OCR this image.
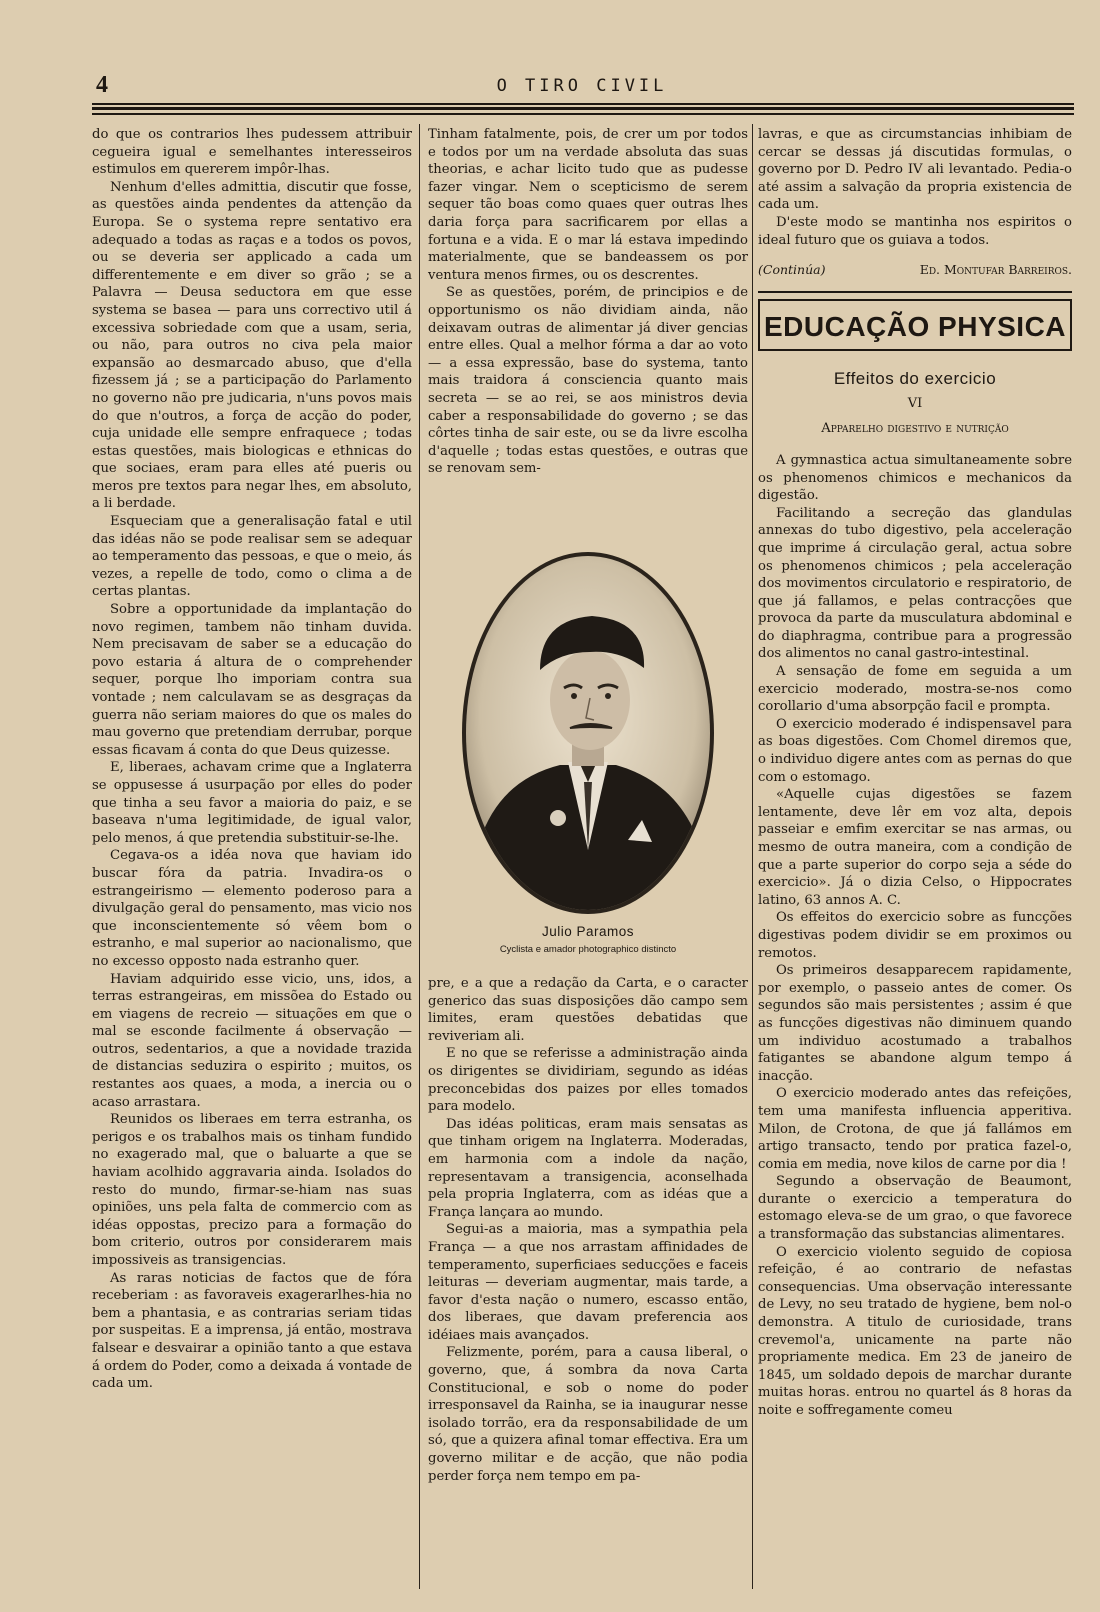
4	O TIRO CIVIL

do que os contrarios lhes pudessem attribuir cegueira igual e semelhantes interesseiros estimulos em quererem impôr-lhas.

Nenhum d'elles admittia, discutir que fosse, as questões ainda pendentes da attenção da Europa. Se o systema repre sentativo era adequado a todas as raças e a todos os povos, ou se deveria ser applicado a cada um differentemente e em diver so grão ; se a Palavra — Deusa seductora em que esse systema se basea — para uns correctivo util á excessiva sobriedade com que a usam, seria, ou não, para outros no civa pela maior expansão ao desmarcado abuso, que d'ella fizessem já ; se a participação do Parlamento no governo não pre judicaria, n'uns povos mais do que n'outros, a força de acção do poder, cuja unidade elle sempre enfraquece ; todas estas questões, mais biologicas e ethnicas do que sociaes, eram para elles até pueris ou meros pre textos para negar lhes, em absoluto, a li berdade.

Esqueciam que a generalisação fatal e util das idéas não se pode realisar sem se adequar ao temperamento das pessoas, e que o meio, ás vezes, a repelle de todo, como o clima a de certas plantas.

Sobre a opportunidade da implantação do novo regimen, tambem não tinham duvida. Nem precisavam de saber se a educação do povo estaria á altura de o comprehender sequer, porque lho imporiam contra sua vontade ; nem calculavam se as desgraças da guerra não seriam maiores do que os males do mau governo que pretendiam derrubar, porque essas ficavam á conta do que Deus quizesse.

E, liberaes, achavam crime que a Inglaterra se oppusesse á usurpação por elles do poder que tinha a seu favor a maioria do paiz, e se baseava n'uma legitimidade, de igual valor, pelo menos, á que pretendia substituir-se-lhe.

Cegava-os a idéa nova que haviam ido buscar fóra da patria. Invadira-os o estrangeirismo — elemento poderoso para a divulgação geral do pensamento, mas vicio nos que inconscientemente só vêem bom o estranho, e mal superior ao nacionalismo, que no excesso opposto nada estranho quer.

Haviam adquirido esse vicio, uns, idos, a terras estrangeiras, em missõea do Estado ou em viagens de recreio — situações em que o mal se esconde facilmente á observação — outros, sedentarios, a que a novidade trazida de distancias seduzira o espirito ; muitos, os restantes aos quaes, a moda, a inercia ou o acaso arrastara.

Reunidos os liberaes em terra estranha, os perigos e os trabalhos mais os tinham fundido no exagerado mal, que o baluarte a que se haviam acolhido aggravaria ainda. Isolados do resto do mundo, firmar-se-hiam nas suas opiniões, uns pela falta de commercio com as idéas oppostas, precizo para a formação do bom criterio, outros por considerarem mais impossiveis as transigencias.

As raras noticias de factos que de fóra receberiam : as favoraveis exagerarlhes-hia no bem a phantasia, e as contrarias seriam tidas por suspeitas. E a imprensa, já então, mostrava falsear e desvairar a opinião tanto a que estava á ordem do Poder, como a deixada á vontade de cada um.

Tinham fatalmente, pois, de crer um por todos e todos por um na verdade absoluta das suas theorias, e achar licito tudo que as pudesse fazer vingar. Nem o scepticismo de serem sequer tão boas como quaes quer outras lhes daria força para sacrificarem por ellas a fortuna e a vida. E o mar lá estava impedindo materialmente, que se bandeassem os por ventura menos firmes, ou os descrentes.

Se as questões, porém, de principios e de opportunismo os não dividiam ainda, não deixavam outras de alimentar já diver gencias entre elles. Qual a melhor fórma a dar ao voto — a essa expressão, base do systema, tanto mais traidora á consciencia quanto mais secreta — se ao rei, se aos ministros devia caber a responsabilidade do governo ; se das côrtes tinha de sair este, ou se da livre escolha d'aquelle ; todas estas questões, e outras que se renovam sem-

Julio Paramos
Cyclista e amador photographico distincto

pre, e a que a redação da Carta, e o caracter generico das suas disposições dão campo sem limites, eram questões debatidas que reviveriam ali.

E no que se referisse a administração ainda os dirigentes se dividiriam, segundo as idéas preconcebidas dos paizes por elles tomados para modelo.

Das idéas politicas, eram mais sensatas as que tinham origem na Inglaterra. Moderadas, em harmonia com a indole da nação, representavam a transigencia, aconselhada pela propria Inglaterra, com as idéas que a França lançara ao mundo.

Segui-as a maioria, mas a sympathia pela França — a que nos arrastam affinidades de temperamento, superficiaes seducções e faceis leituras — deveriam augmentar, mais tarde, a favor d'esta nação o numero, escasso então, dos liberaes, que davam preferencia aos idéiaes mais avançados.

Felizmente, porém, para a causa liberal, o governo, que, á sombra da nova Carta Constitucional, e sob o nome do poder irresponsavel da Rainha, se ia inaugurar nesse isolado torrão, era da responsabilidade de um só, que a quizera afinal tomar effectiva. Era um governo militar e de acção, que não podia perder força nem tempo em pa-

lavras, e que as circumstancias inhibiam de cercar se dessas já discutidas formulas, o governo por D. Pedro IV ali levantado. Pedia-o até assim a salvação da propria existencia de cada um.

D'este modo se mantinha nos espiritos o ideal futuro que os guiava a todos.

(Continúa)	Ed. Montufar Barreiros.
EDUCAÇÃO PHYSICA
Effeitos do exercicio
VI
Apparelho digestivo e nutrição

A gymnastica actua simultaneamente sobre os phenomenos chimicos e mechanicos da digestão.

Facilitando a secreção das glandulas annexas do tubo digestivo, pela acceleração que imprime á circulação geral, actua sobre os phenomenos chimicos ; pela acceleração dos movimentos circulatorio e respiratorio, de que já fallamos, e pelas contracções que provoca da parte da musculatura abdominal e do diaphragma, contribue para a progressão dos alimentos no canal gastro-intestinal.

A sensação de fome em seguida a um exercicio moderado, mostra-se-nos como corollario d'uma absorpção facil e prompta.

O exercicio moderado é indispensavel para as boas digestões. Com Chomel diremos que, o individuo digere antes com as pernas do que com o estomago.

«Aquelle cujas digestões se fazem lentamente, deve lêr em voz alta, depois passeiar e emfim exercitar se nas armas, ou mesmo de outra maneira, com a condição de que a parte superior do corpo seja a séde do exercicio». Já o dizia Celso, o Hippocrates latino, 63 annos A. C.

Os effeitos do exercicio sobre as funcções digestivas podem dividir se em proximos ou remotos.

Os primeiros desapparecem rapidamente, por exemplo, o passeio antes de comer. Os segundos são mais persistentes ; assim é que as funcções digestivas não diminuem quando um individuo acostumado a trabalhos fatigantes se abandone algum tempo á inacção.

O exercicio moderado antes das refeições, tem uma manifesta influencia apperitiva. Milon, de Crotona, de que já fallámos em artigo transacto, tendo por pratica fazel-o, comia em media, nove kilos de carne por dia !

Segundo a observação de Beaumont, durante o exercicio a temperatura do estomago eleva-se de um grao, o que favorece a transformação das substancias alimentares.

O exercicio violento seguido de copiosa refeição, é ao contrario de nefastas consequencias. Uma observação interessante de Levy, no seu tratado de hygiene, bem nol-o demonstra. A titulo de curiosidade, trans crevemol'a, unicamente na parte não propriamente medica. Em 23 de janeiro de 1845, um soldado depois de marchar durante muitas horas. entrou no quartel ás 8 horas da noite e soffregamente comeu
